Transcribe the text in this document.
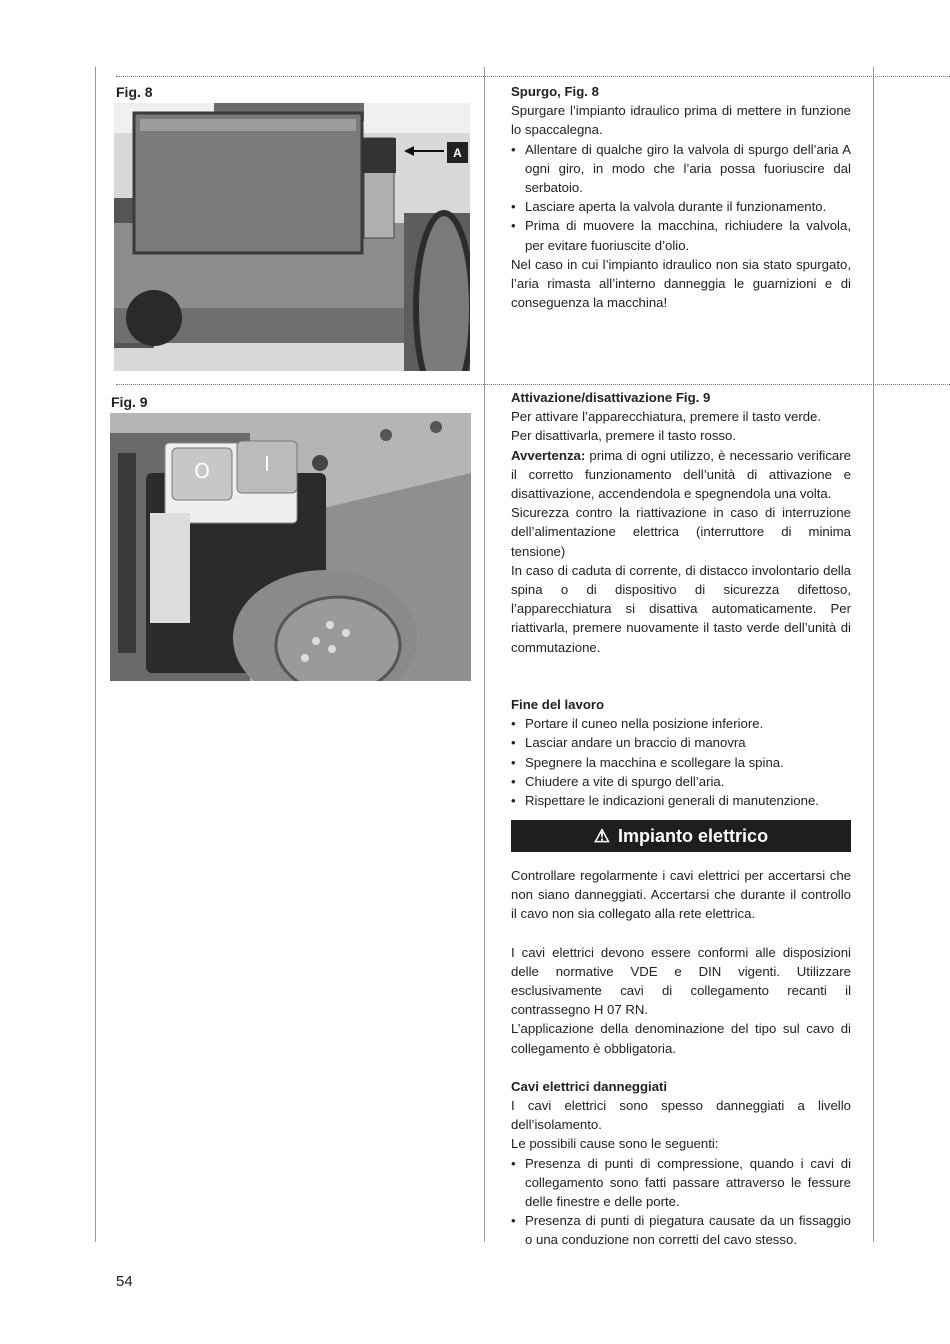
Fig. 8
A
Spurgo, Fig. 8

Spurgare l’impianto idraulico prima di mettere in funzione lo spaccalegna.

• Allentare di qualche giro la valvola di spurgo dell’aria A ogni giro, in modo che l’aria possa fuoriuscire dal serbatoio.
• Lasciare aperta la valvola durante il funzionamento.
• Prima di muovere la macchina, richiudere la valvola, per evitare fuoriuscite d’olio.

Nel caso in cui l’impianto idraulico non sia stato spurgato, l’aria rimasta all’interno danneggia le guarnizioni e di conseguenza la macchina!

Fig. 9
O	I
Attivazione/disattivazione Fig. 9

Per attivare l’apparecchiatura, premere il tasto verde.

Per disattivarla, premere il tasto rosso.

Avvertenza: prima di ogni utilizzo, è necessario verificare il corretto funzionamento dell’unità di attivazione e disattivazione, accendendola e spegnendola una volta.

Sicurezza contro la riattivazione in caso di interruzione dell’alimentazione elettrica (interruttore di minima tensione)

In caso di caduta di corrente, di distacco involontario della spina o di dispositivo di sicurezza difettoso, l’apparecchiatura si disattiva automaticamente. Per riattivarla, premere nuovamente il tasto verde dell’unità di commutazione.

Fine del lavoro
• Portare il cuneo nella posizione inferiore.
• Lasciar andare un braccio di manovra
• Spegnere la macchina e scollegare la spina.
• Chiudere a vite di spurgo dell’aria.
• Rispettare le indicazioni generali di manutenzione.
⚠ Impianto elettrico

Controllare regolarmente i cavi elettrici per accertarsi che non siano danneggiati. Accertarsi che durante il controllo il cavo non sia collegato alla rete elettrica.

I cavi elettrici devono essere conformi alle disposizioni delle normative VDE e DIN vigenti. Utilizzare esclusivamente cavi di collegamento recanti il contrassegno H 07 RN.

L’applicazione della denominazione del tipo sul cavo di collegamento è obbligatoria.

Cavi elettrici danneggiati

I cavi elettrici sono spesso danneggiati a livello dell’isolamento.

Le possibili cause sono le seguenti:

• Presenza di punti di compressione, quando i cavi di collegamento sono fatti passare attraverso le fessure delle finestre e delle porte.
• Presenza di punti di piegatura causate da un fissaggio o una conduzione non corretti del cavo stesso.
54
